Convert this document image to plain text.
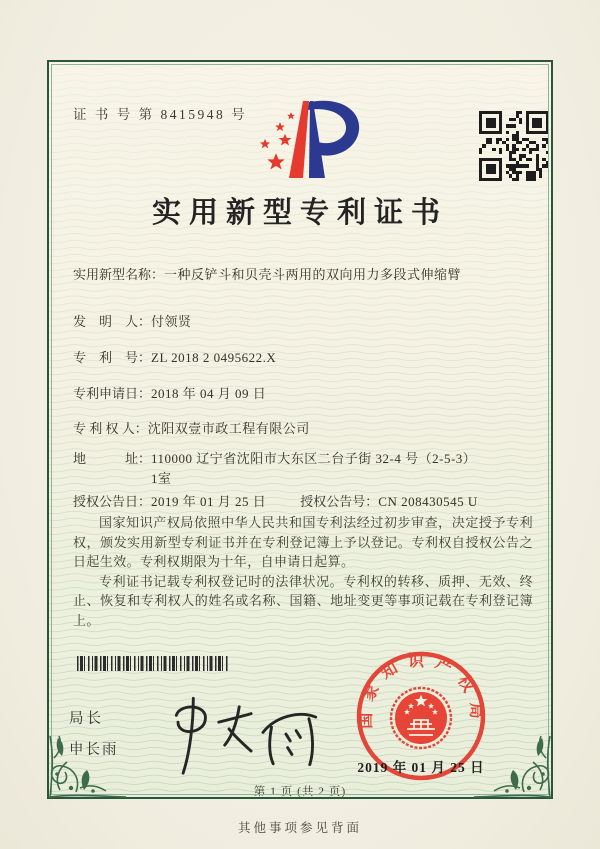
证 书 号 第 8415948 号
实用新型专利证书
实用新型名称： 一种反铲斗和贝壳斗两用的双向用力多段式伸缩臂
发　明　人： 付领贤
专　利　号： ZL 2018 2 0495622.X
专利申请日： 2018 年 04 月 09 日
专 利 权 人： 沈阳双壹市政工程有限公司
地　　　址： 110000 辽宁省沈阳市大东区二台子街 32-4 号（2-5-3）1室
授权公告日： 2019 年 01 月 25 日	授权公告号： CN 208430545 U

国家知识产权局依照中华人民共和国专利法经过初步审查，决定授予专利权，颁发实用新型专利证书并在专利登记簿上予以登记。专利权自授权公告之日起生效。专利权期限为十年，自申请日起算。

专利证书记载专利权登记时的法律状况。专利权的转移、质押、无效、终止、恢复和专利权人的姓名或名称、国籍、地址变更等事项记载在专利登记簿上。

局长
申长雨
国家知识产权局
2019 年 01 月 25 日
第 1 页 (共 2 页)
其他事项参见背面
